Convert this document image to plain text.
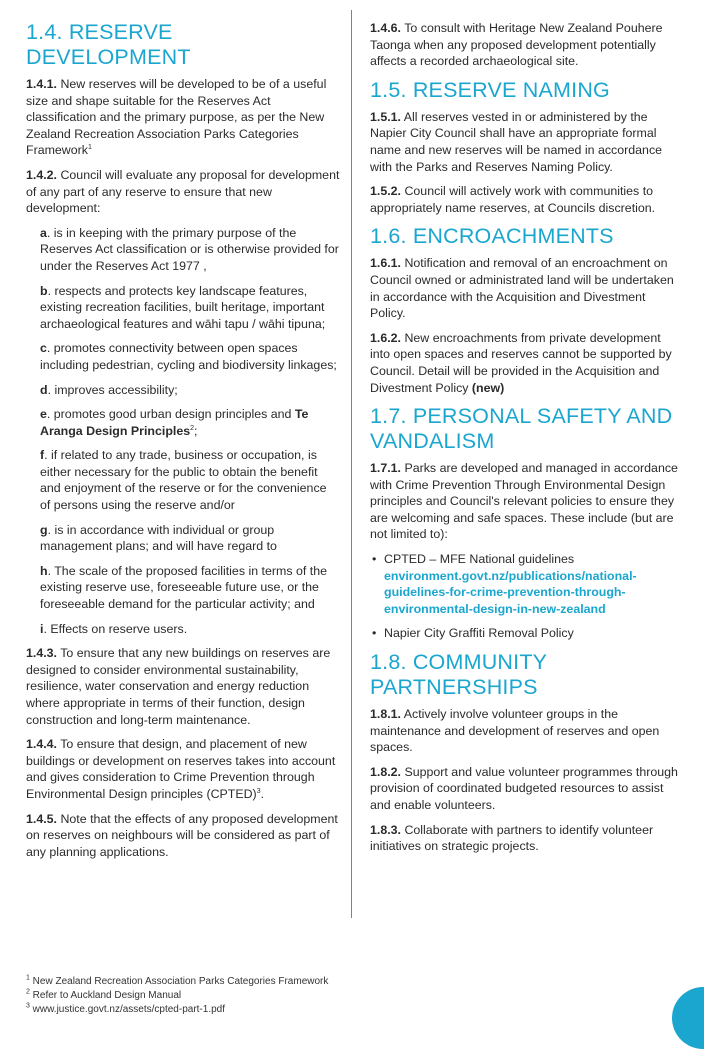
1.4. RESERVE DEVELOPMENT

1.4.1. New reserves will be developed to be of a useful size and shape suitable for the Reserves Act classification and the primary purpose, as per the New Zealand Recreation Association Parks Categories Framework$^1$

1.4.2. Council will evaluate any proposal for development of any part of any reserve to ensure that new development:

a. is in keeping with the primary purpose of the Reserves Act classification or is otherwise provided for under the Reserves Act 1977 ,

b. respects and protects key landscape features, existing recreation facilities, built heritage, important archaeological features and wāhi tapu / wāhi tipuna;

c. promotes connectivity between open spaces including pedestrian, cycling and biodiversity linkages;

d. improves accessibility;

e. promotes good urban design principles and Te Aranga Design Principles$^2$;

f. if related to any trade, business or occupation, is either necessary for the public to obtain the benefit and enjoyment of the reserve or for the convenience of persons using the reserve and/or

g. is in accordance with individual or group management plans; and will have regard to

h. The scale of the proposed facilities in terms of the existing reserve use, foreseeable future use, or the foreseeable demand for the particular activity; and

i. Effects on reserve users.

1.4.3. To ensure that any new buildings on reserves are designed to consider environmental sustainability, resilience, water conservation and energy reduction where appropriate in terms of their function, design construction and long-term maintenance.

1.4.4. To ensure that design, and placement of new buildings or development on reserves takes into account and gives consideration to Crime Prevention through Environmental Design principles (CPTED)$^3$.

1.4.5. Note that the effects of any proposed development on reserves on neighbours will be considered as part of any planning applications.

1.4.6. To consult with Heritage New Zealand Pouhere Taonga when any proposed development potentially affects a recorded archaeological site.

1.5. RESERVE NAMING

1.5.1. All reserves vested in or administered by the Napier City Council shall have an appropriate formal name and new reserves will be named in accordance with the Parks and Reserves Naming Policy.

1.5.2. Council will actively work with communities to appropriately name reserves, at Councils discretion.

1.6. ENCROACHMENTS

1.6.1. Notification and removal of an encroachment on Council owned or administrated land will be undertaken in accordance with the Acquisition and Divestment Policy.

1.6.2. New encroachments from private development into open spaces and reserves cannot be supported by Council. Detail will be provided in the Acquisition and Divestment Policy (new)

1.7. PERSONAL SAFETY AND VANDALISM

1.7.1. Parks are developed and managed in accordance with Crime Prevention Through Environmental Design principles and Council's relevant policies to ensure they are welcoming and safe spaces. These include (but are not limited to):

• CPTED – MFE National guidelines environment.govt.nz/publications/national-guidelines-for-crime-prevention-through-environmental-design-in-new-zealand
• Napier City Graffiti Removal Policy
1.8. COMMUNITY PARTNERSHIPS

1.8.1. Actively involve volunteer groups in the maintenance and development of reserves and open spaces.

1.8.2. Support and value volunteer programmes through provision of coordinated budgeted resources to assist and enable volunteers.

1.8.3. Collaborate with partners to identify volunteer initiatives on strategic projects.

$^1$ New Zealand Recreation Association Parks Categories Framework

$^2$ Refer to Auckland Design Manual

$^3$ www.justice.govt.nz/assets/cpted-part-1.pdf
